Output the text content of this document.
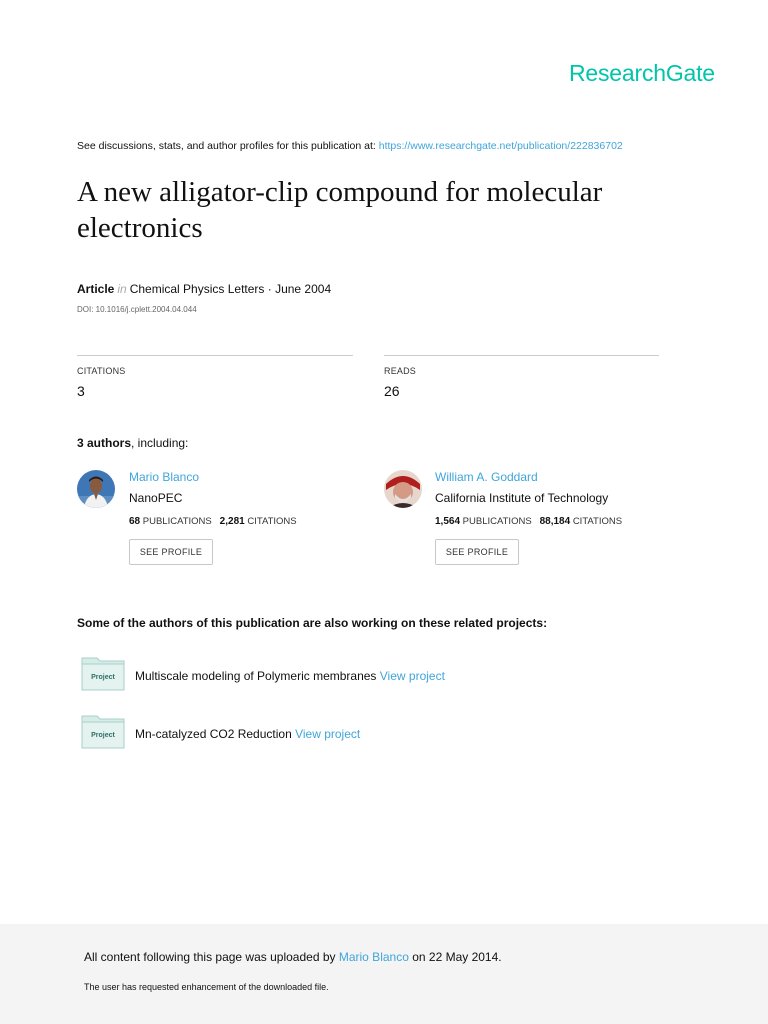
ResearchGate
See discussions, stats, and author profiles for this publication at: https://www.researchgate.net/publication/222836702
A new alligator-clip compound for molecular electronics
Article in Chemical Physics Letters · June 2004
DOI: 10.1016/j.cplett.2004.04.044
CITATIONS
3
READS
26
3 authors, including:
Mario Blanco
NanoPEC
68 PUBLICATIONS 2,281 CITATIONS
SEE PROFILE
William A. Goddard
California Institute of Technology
1,564 PUBLICATIONS 88,184 CITATIONS
SEE PROFILE
Some of the authors of this publication are also working on these related projects:
Project Multiscale modeling of Polymeric membranes View project
Project Mn-catalyzed CO2 Reduction View project
All content following this page was uploaded by Mario Blanco on 22 May 2014.
The user has requested enhancement of the downloaded file.
